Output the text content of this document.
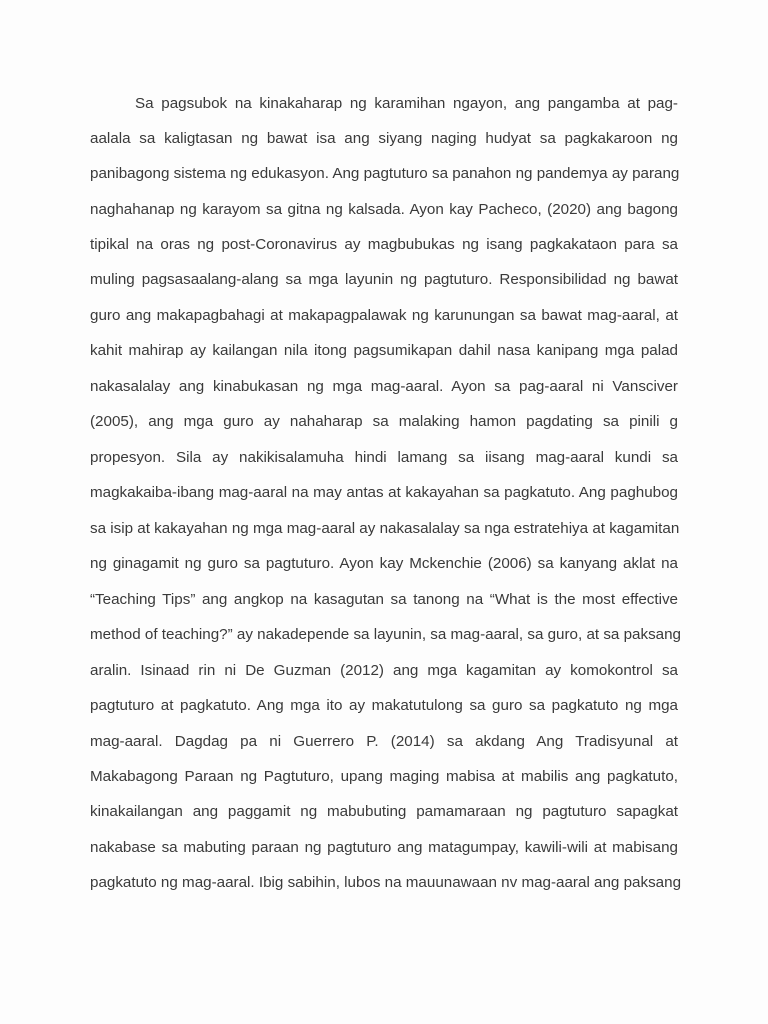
Sa pagsubok na kinakaharap ng karamihan ngayon, ang pangamba at pag-
aalala sa kaligtasan ng bawat isa ang siyang naging hudyat sa pagkakaroon ng
panibagong sistema ng edukasyon. Ang pagtuturo sa panahon ng pandemya ay parang
naghahanap ng karayom sa gitna ng kalsada. Ayon kay Pacheco, (2020) ang bagong
tipikal na oras ng post-Coronavirus ay magbubukas ng isang pagkakataon para sa
muling pagsasaalang-alang sa mga layunin ng pagtuturo. Responsibilidad ng bawat
guro ang makapagbahagi at makapagpalawak ng karunungan sa bawat mag-aaral, at
kahit mahirap ay kailangan nila itong pagsumikapan dahil nasa kanipang mga palad
nakasalalay ang kinabukasan ng mga mag-aaral. Ayon sa pag-aaral ni Vansciver
(2005), ang mga guro ay nahaharap sa malaking hamon pagdating sa pinili g
propesyon. Sila ay nakikisalamuha hindi lamang sa iisang mag-aaral kundi sa
magkakaiba-ibang mag-aaral na may antas at kakayahan sa pagkatuto. Ang paghubog
sa isip at kakayahan ng mga mag-aaral ay nakasalalay sa nga estratehiya at kagamitan
ng ginagamit ng guro sa pagtuturo. Ayon kay Mckenchie (2006) sa kanyang aklat na
“Teaching Tips” ang angkop na kasagutan sa tanong na “What is the most effective
method of teaching?” ay nakadepende sa layunin, sa mag-aaral, sa guro, at sa paksang
aralin. Isinaad rin ni De Guzman (2012) ang mga kagamitan ay komokontrol sa
pagtuturo at pagkatuto. Ang mga ito ay makatutulong sa guro sa pagkatuto ng mga
mag-aaral. Dagdag pa ni Guerrero P. (2014) sa akdang Ang Tradisyunal at
Makabagong Paraan ng Pagtuturo, upang maging mabisa at mabilis ang pagkatuto,
kinakailangan ang paggamit ng mabubuting pamamaraan ng pagtuturo sapagkat
nakabase sa mabuting paraan ng pagtuturo ang matagumpay, kawili-wili at mabisang
pagkatuto ng mag-aaral. Ibig sabihin, lubos na mauunawaan nv mag-aaral ang paksang
